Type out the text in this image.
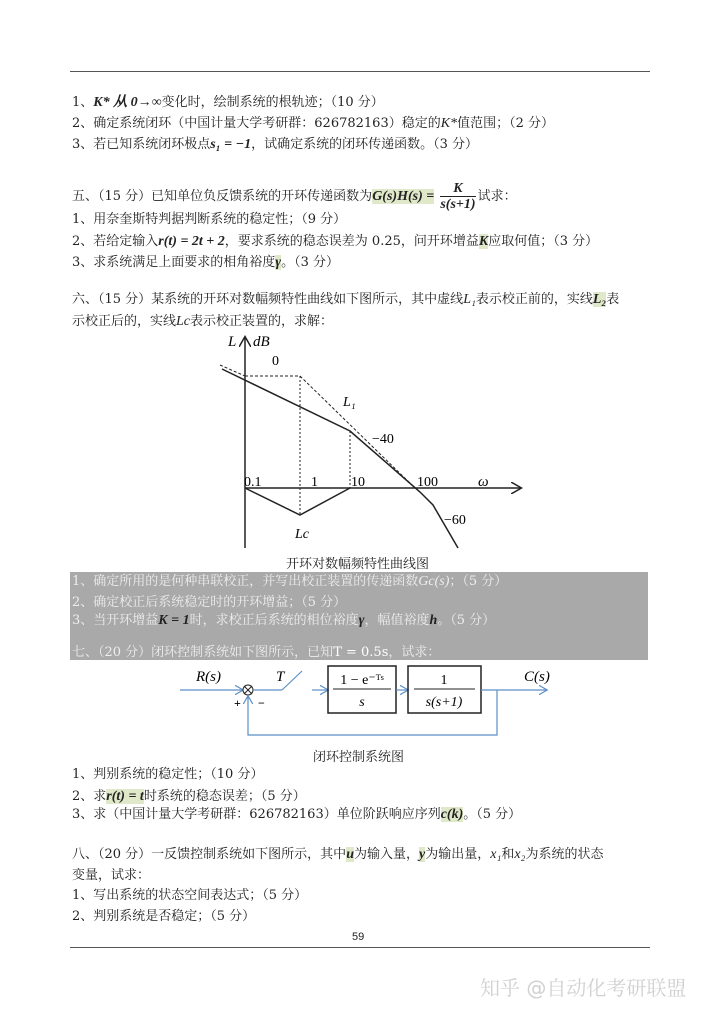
1、K* 从 0→∞变化时，绘制系统的根轨迹；（10 分）
2、确定系统闭环（中国计量大学考研群：626782163）稳定的K*值范围；（2 分）
3、若已知系统闭环极点s₁ = −1，试确定系统的闭环传递函数。（3 分）
五、（15 分）已知单位负反馈系统的开环传递函数为$G(s)H(s) = \frac{K}{s(s+1)}$ 试求：
1、用奈奎斯特判据判断系统的稳定性；（9 分）
2、若给定输入r(t) = 2t + 2，要求系统的稳态误差为 0.25，问开环增益K应取何值；（3 分）
3、求系统满足上面要求的相角裕度γ。（3 分）
六、（15 分）某系统的开环对数幅频特性曲线如下图所示，其中虚线L₁表示校正前的，实线L₂表
示校正后的，实线Lc表示校正装置的，求解：
L dB
0
L₁
−40
0.1	1 10	100	ω
−60
Lc
开环对数幅频特性曲线图
1、确定所用的是何种串联校正，并写出校正装置的传递函数Gc(s)；（5 分）
2、确定校正后系统稳定时的开环增益；（5 分）
3、当开环增益K = 1时，求校正后系统的相位裕度γ，幅值裕度h。（5 分）
七、（20 分）闭环控制系统如下图所示，已知T = 0.5s，试求：
R(s)	C(s)
T
+ −
1 − e⁻ᵀˢ
s
1
s(s+1)
闭环控制系统图
1、判别系统的稳定性；（10 分）
2、求r(t) = t时系统的稳态误差；（5 分）
3、求（中国计量大学考研群：626782163）单位阶跃响应序列c(k)。（5 分）
八、（20 分）一反馈控制系统如下图所示，其中u为输入量，y为输出量，x₁和x₂为系统的状态
变量，试求：
1、写出系统的状态空间表达式；（5 分）
2、判别系统是否稳定；（5 分）
59
知乎 @自动化考研联盟
